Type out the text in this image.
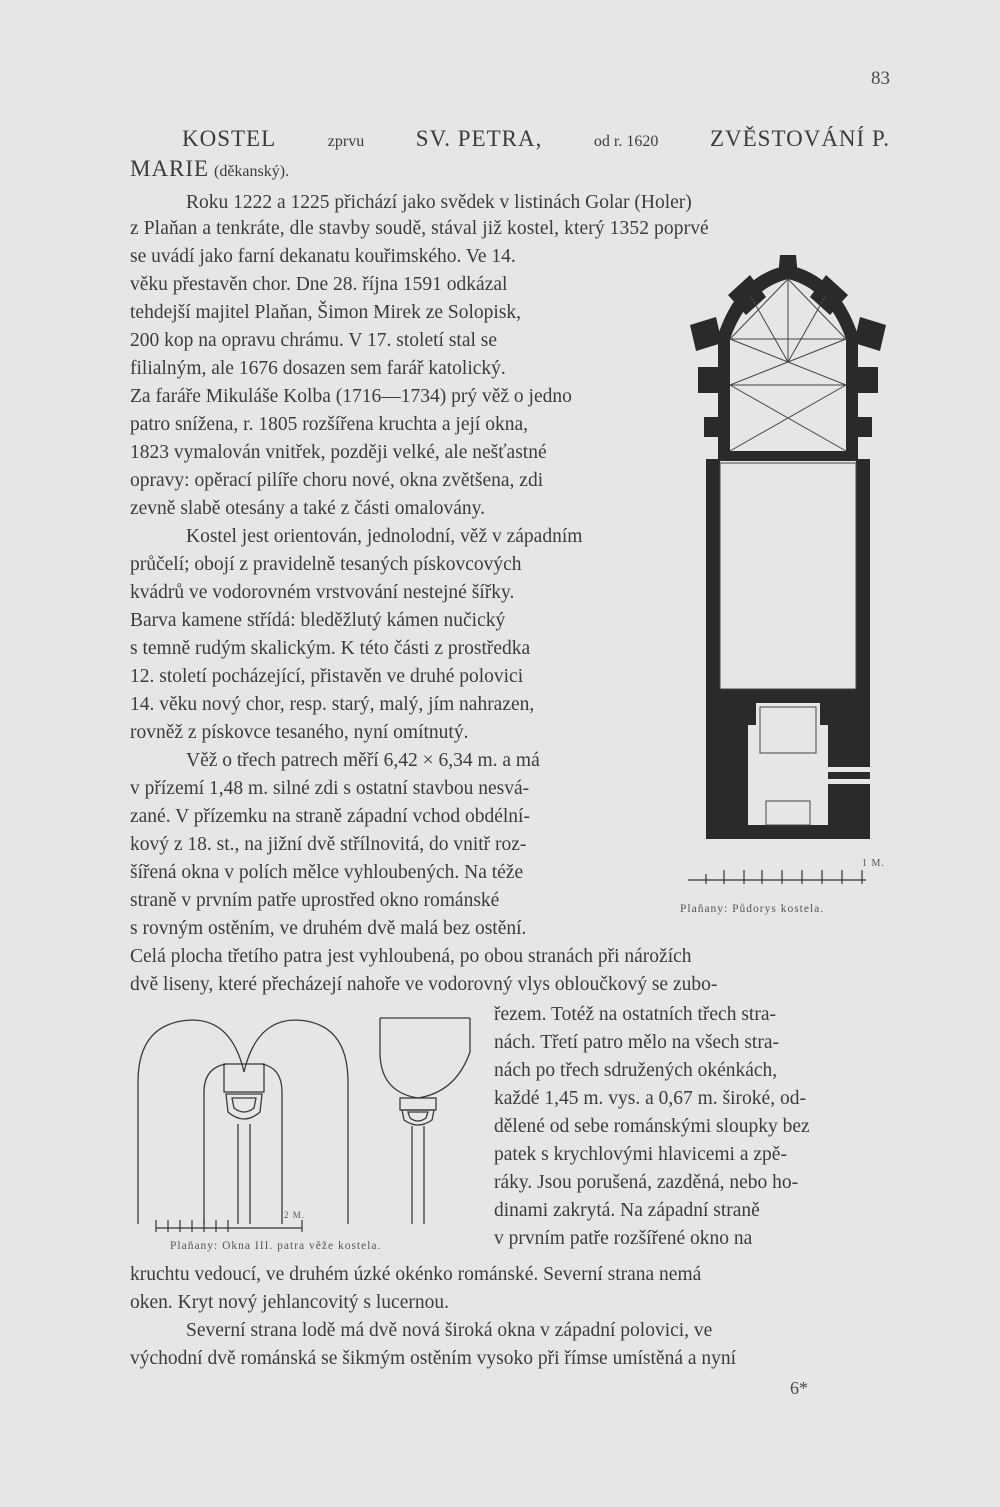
83
KOSTEL	zprvu SV. PETRA,	od r. 1620 ZVĚSTOVÁNÍ P.
MARIE (děkanský).
Roku 1222 a 1225 přichází jako svědek v listinách Golar (Holer)
z Plaňan a tenkráte, dle stavby soudě, stával již kostel, který 1352 poprvé
se uvádí jako farní dekanatu kouřimského. Ve 14.
věku přestavěn chor. Dne 28. října 1591 odkázal
tehdejší majitel Plaňan, Šimon Mirek ze Solopisk,
200 kop na opravu chrámu. V 17. století stal se
filialným, ale 1676 dosazen sem farář katolický.
Za faráře Mikuláše Kolba (1716—1734) prý věž o jedno
patro snížena, r. 1805 rozšířena kruchta a její okna,
1823 vymalován vnitřek, později velké, ale nešťastné
opravy: opěrací pilíře choru nové, okna zvětšena, zdi
zevně slabě otesány a také z části omalovány.
Kostel jest orientován, jednolodní, věž v západním
průčelí; obojí z pravidelně tesaných pískovcových
kvádrů ve vodorovném vrstvování nestejné šířky.
Barva kamene střídá: bleděžlutý kámen nučický
s temně rudým skalickým. K této části z prostředka
12. století pocházející, přistavěn ve druhé polovici
14. věku nový chor, resp. starý, malý, jím nahrazen,
rovněž z pískovce tesaného, nyní omítnutý.
Věž o třech patrech měří 6,42 × 6,34 m. a má
v přízemí 1,48 m. silné zdi s ostatní stavbou nesvá-
zané. V přízemku na straně západní vchod obdélní-
kový z 18. st., na jižní dvě střílnovitá, do vnitř roz-
šířená okna v polích mělce vyhloubených. Na téže
straně v prvním patře uprostřed okno románské
s rovným ostěním, ve druhém dvě malá bez ostění.
Celá plocha třetího patra jest vyhloubená, po obou stranách při nárožích
dvě liseny, které přecházejí nahoře ve vodorovný vlys obloučkový se zubo-
řezem. Totéž na ostatních třech stra-
nách. Třetí patro mělo na všech stra-
nách po třech sdružených okénkách,
každé 1,45 m. vys. a 0,67 m. široké, od-
dělené od sebe románskými sloupky bez
patek s krychlovými hlavicemi a zpě-
ráky. Jsou porušená, zazděná, nebo ho-
dinami zakrytá. Na západní straně
v prvním patře rozšířené okno na
kruchtu vedoucí, ve druhém úzké okénko románské. Severní strana nemá
oken. Kryt nový jehlancovitý s lucernou.
Severní strana lodě má dvě nová široká okna v západní polovici, ve
východní dvě románská se šikmým ostěním vysoko při římse umístěná a nyní
6*
1 M.
Plaňany: Půdorys kostela.
2 M.
Plaňany: Okna III. patra věže kostela.
